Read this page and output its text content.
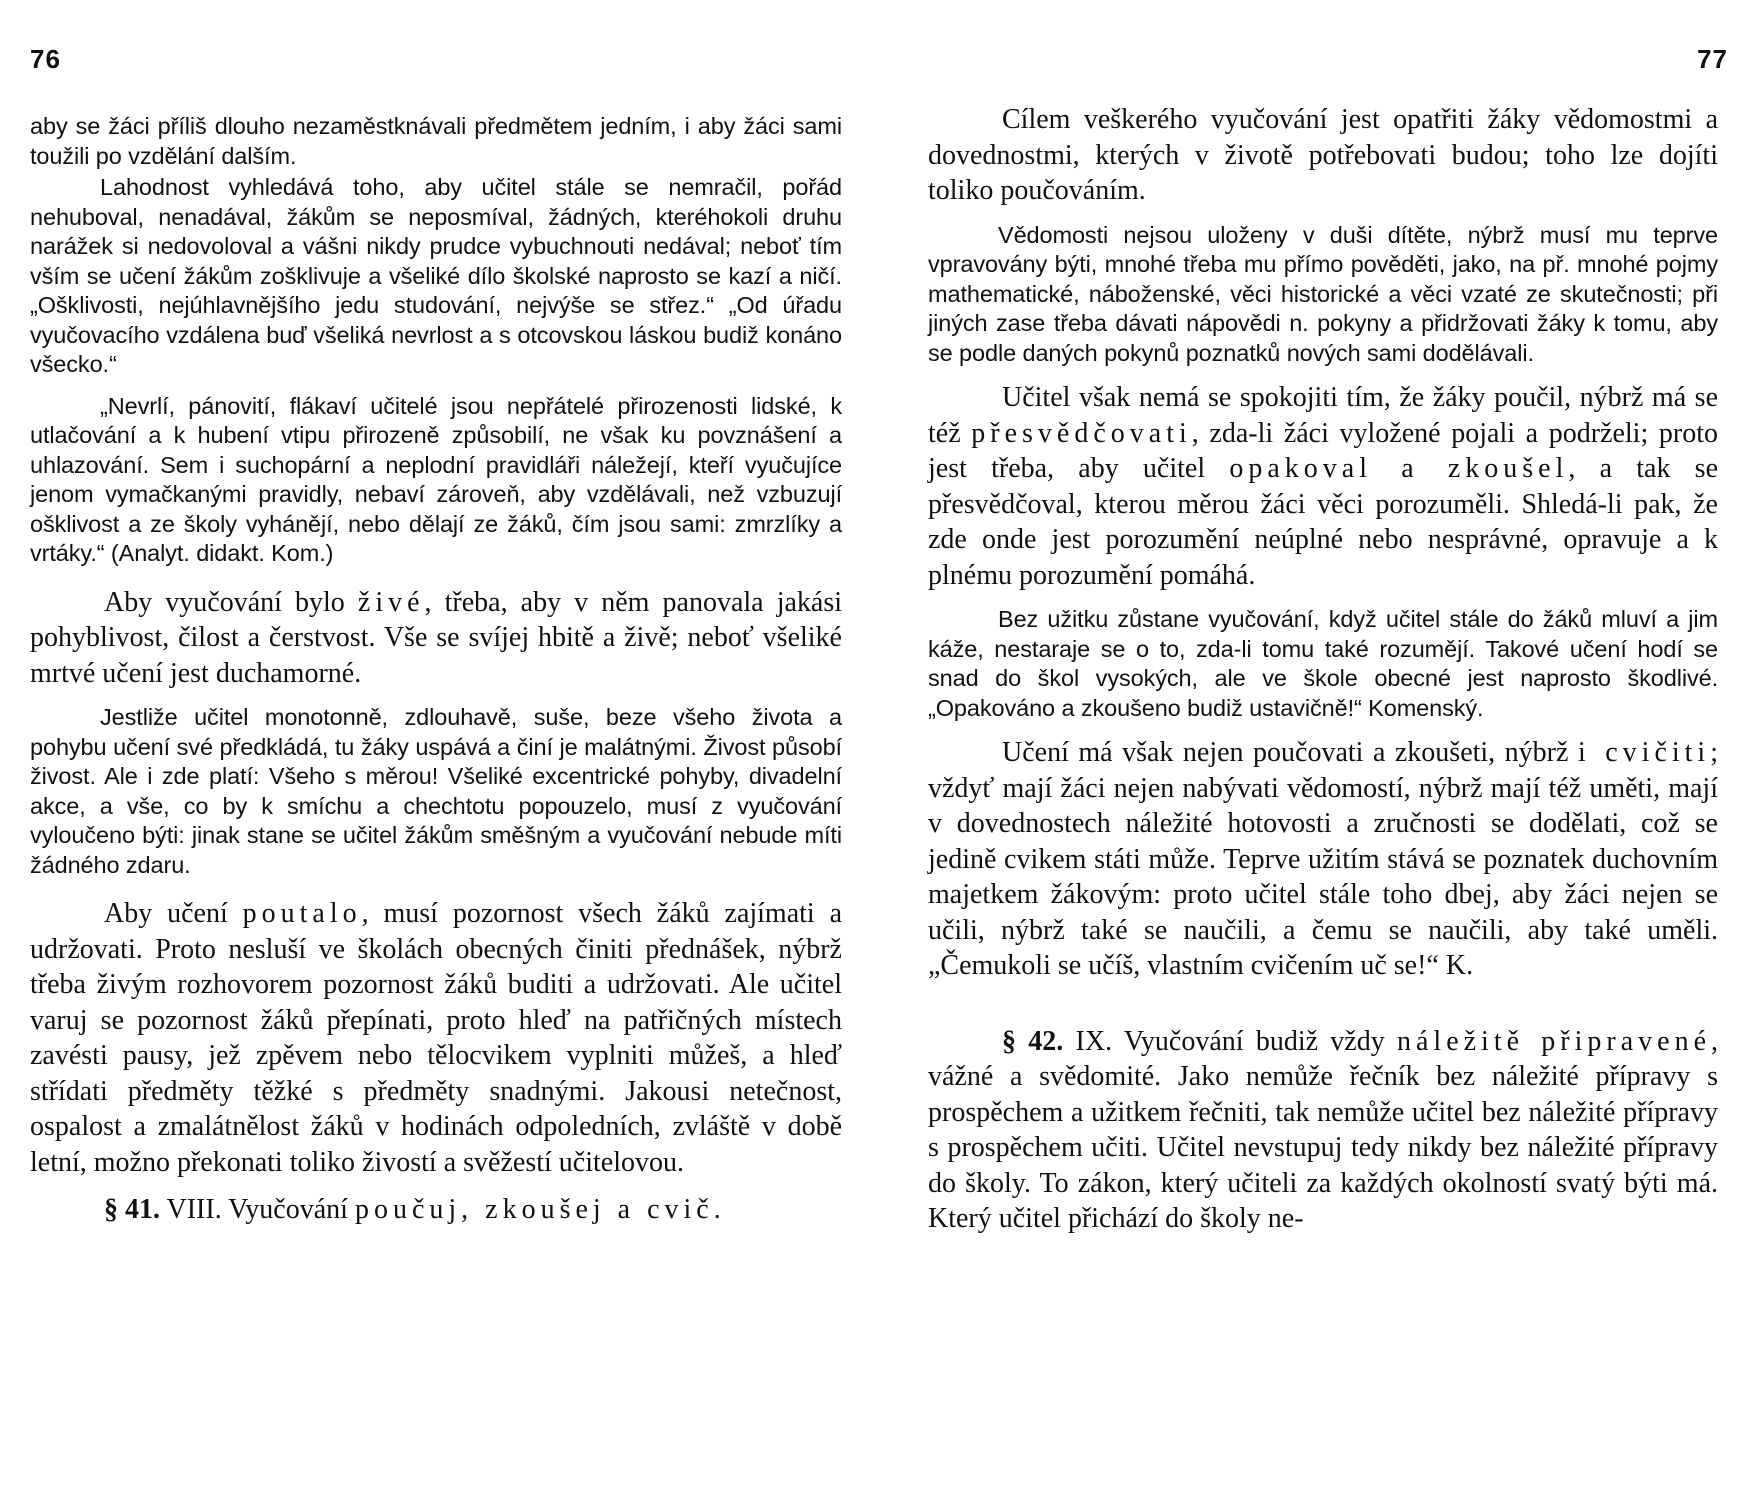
76

aby se žáci příliš dlouho nezaměstknávali předmětem jedním, i aby žáci sami toužili po vzdělání dalším.

Lahodnost vyhledává toho, aby učitel stále se nemračil, pořád nehuboval, nenadával, žákům se neposmíval, žádných, kteréhokoli druhu narážek si nedovoloval a vášni nikdy prudce vybuchnouti nedával; neboť tím vším se učení žákům zošklivuje a všeliké dílo školské naprosto se kazí a ničí. „Ošklivosti, nejúhlavnějšího jedu studování, nejvýše se střez.“ „Od úřadu vyučovacího vzdálena buď všeliká nevrlost a s otcovskou láskou budiž konáno všecko.“

„Nevrlí, pánovití, flákaví učitelé jsou nepřátelé přirozenosti lidské, k utlačování a k hubení vtipu přirozeně způsobilí, ne však ku povznášení a uhlazování. Sem i suchopární a neplodní pravidláři náležejí, kteří vyučujíce jenom vymačkanými pravidly, nebaví zároveň, aby vzdělávali, než vzbuzují ošklivost a ze školy vyhánějí, nebo dělají ze žáků, čím jsou sami: zmrzlíky a vrtáky.“ (Analyt. didakt. Kom.)

Aby vyučování bylo živé, třeba, aby v něm panovala jakási pohyblivost, čilost a čerstvost. Vše se svíjej hbitě a živě; neboť všeliké mrtvé učení jest duchamorné.

Jestliže učitel monotonně, zdlouhavě, suše, beze všeho života a pohybu učení své předkládá, tu žáky uspává a činí je malátnými. Živost působí živost. Ale i zde platí: Všeho s měrou! Všeliké excentrické pohyby, divadelní akce, a vše, co by k smíchu a chechtotu popouzelo, musí z vyučování vyloučeno býti: jinak stane se učitel žákům směšným a vyučování nebude míti žádného zdaru.

Aby učení poutalo, musí pozornost všech žáků zajímati a udržovati. Proto nesluší ve školách obecných činiti přednášek, nýbrž třeba živým rozhovorem pozornost žáků buditi a udržovati. Ale učitel varuj se pozornost žáků přepínati, proto hleď na patřičných místech zavésti pausy, jež zpěvem nebo tělocvikem vyplniti můžeš, a hleď střídati předměty těžké s předměty snadnými. Jakousi netečnost, ospalost a zmalátnělost žáků v hodinách odpoledních, zvláště v době letní, možno překonati toliko živostí a svěžestí učitelovou.

§ 41. VIII. Vyučování poučuj, zkoušej a cvič.

77

Cílem veškerého vyučování jest opatřiti žáky vědomostmi a dovednostmi, kterých v životě potřebovati budou; toho lze dojíti toliko poučováním.

Vědomosti nejsou uloženy v duši dítěte, nýbrž musí mu teprve vpravovány býti, mnohé třeba mu přímo pověděti, jako, na př. mnohé pojmy mathematické, náboženské, věci historické a věci vzaté ze skutečnosti; při jiných zase třeba dávati nápovědi n. pokyny a přidržovati žáky k tomu, aby se podle daných pokynů poznatků nových sami dodělávali.

Učitel však nemá se spokojiti tím, že žáky poučil, nýbrž má se též přesvědčovati, zda-li žáci vyložené pojali a podrželi; proto jest třeba, aby učitel opakoval a zkoušel, a tak se přesvědčoval, kterou měrou žáci věci porozuměli. Shledá-li pak, že zde onde jest porozumění neúplné nebo nesprávné, opravuje a k plnému porozumění pomáhá.

Bez užitku zůstane vyučování, když učitel stále do žáků mluví a jim káže, nestaraje se o to, zda-li tomu také rozumějí. Takové učení hodí se snad do škol vysokých, ale ve škole obecné jest naprosto škodlivé. „Opakováno a zkoušeno budiž ustavičně!“ Komenský.

Učení má však nejen poučovati a zkoušeti, nýbrž i cvičiti; vždyť mají žáci nejen nabývati vědomostí, nýbrž mají též uměti, mají v dovednostech náležité hotovosti a zručnosti se dodělati, což se jedině cvikem státi může. Teprve užitím stává se poznatek duchovním majetkem žákovým: proto učitel stále toho dbej, aby žáci nejen se učili, nýbrž také se naučili, a čemu se naučili, aby také uměli. „Čemukoli se učíš, vlastním cvičením uč se!“ K.

§ 42. IX. Vyučování budiž vždy náležitě připravené, vážné a svědomité. Jako nemůže řečník bez náležité přípravy s prospěchem a užitkem řečniti, tak nemůže učitel bez náležité přípravy s prospěchem učiti. Učitel nevstupuj tedy nikdy bez náležité přípravy do školy. To zákon, který učiteli za každých okolností svatý býti má. Který učitel přichází do školy ne-
